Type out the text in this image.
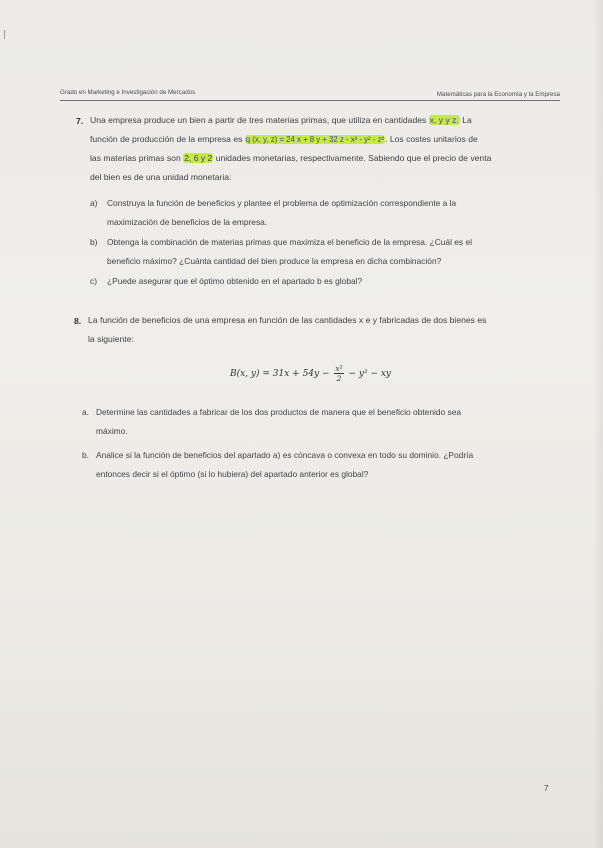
Grado en Marketing e Investigación de Mercados	Matemáticas para la Economía y la Empresa
7. Una empresa produce un bien a partir de tres materias primas, que utiliza en cantidades x, y y z. La
función de producción de la empresa es q (x, y, z) = 24 x + 8 y + 32 z - x² - y² - z². Los costes unitarios de
las materias primas son 2, 6 y 2 unidades monetarias, respectivamente. Sabiendo que el precio de venta
del bien es de una unidad monetaria:
a) Construya la función de beneficios y plantee el problema de optimización correspondiente a la
maximización de beneficios de la empresa.
b) Obtenga la combinación de materias primas que maximiza el beneficio de la empresa. ¿Cuál es el
beneficio máximo? ¿Cuánta cantidad del bien produce la empresa en dicha combinación?
c) ¿Puede asegurar que el óptimo obtenido en el apartado b es global?
8. La función de beneficios de una empresa en función de las cantidades x e y fabricadas de dos bienes es
la siguiente:
B(x, $y) = 31x + 54y - \frac{\text{x²}}{2} - y^2$ − xy
a. Determine las cantidades a fabricar de los dos productos de manera que el beneficio obtenido sea
máximo.
b. Analice si la función de beneficios del apartado a) es cóncava o convexa en todo su dominio. ¿Podría
entonces decir si el óptimo (si lo hubiera) del apartado anterior es global?
7
